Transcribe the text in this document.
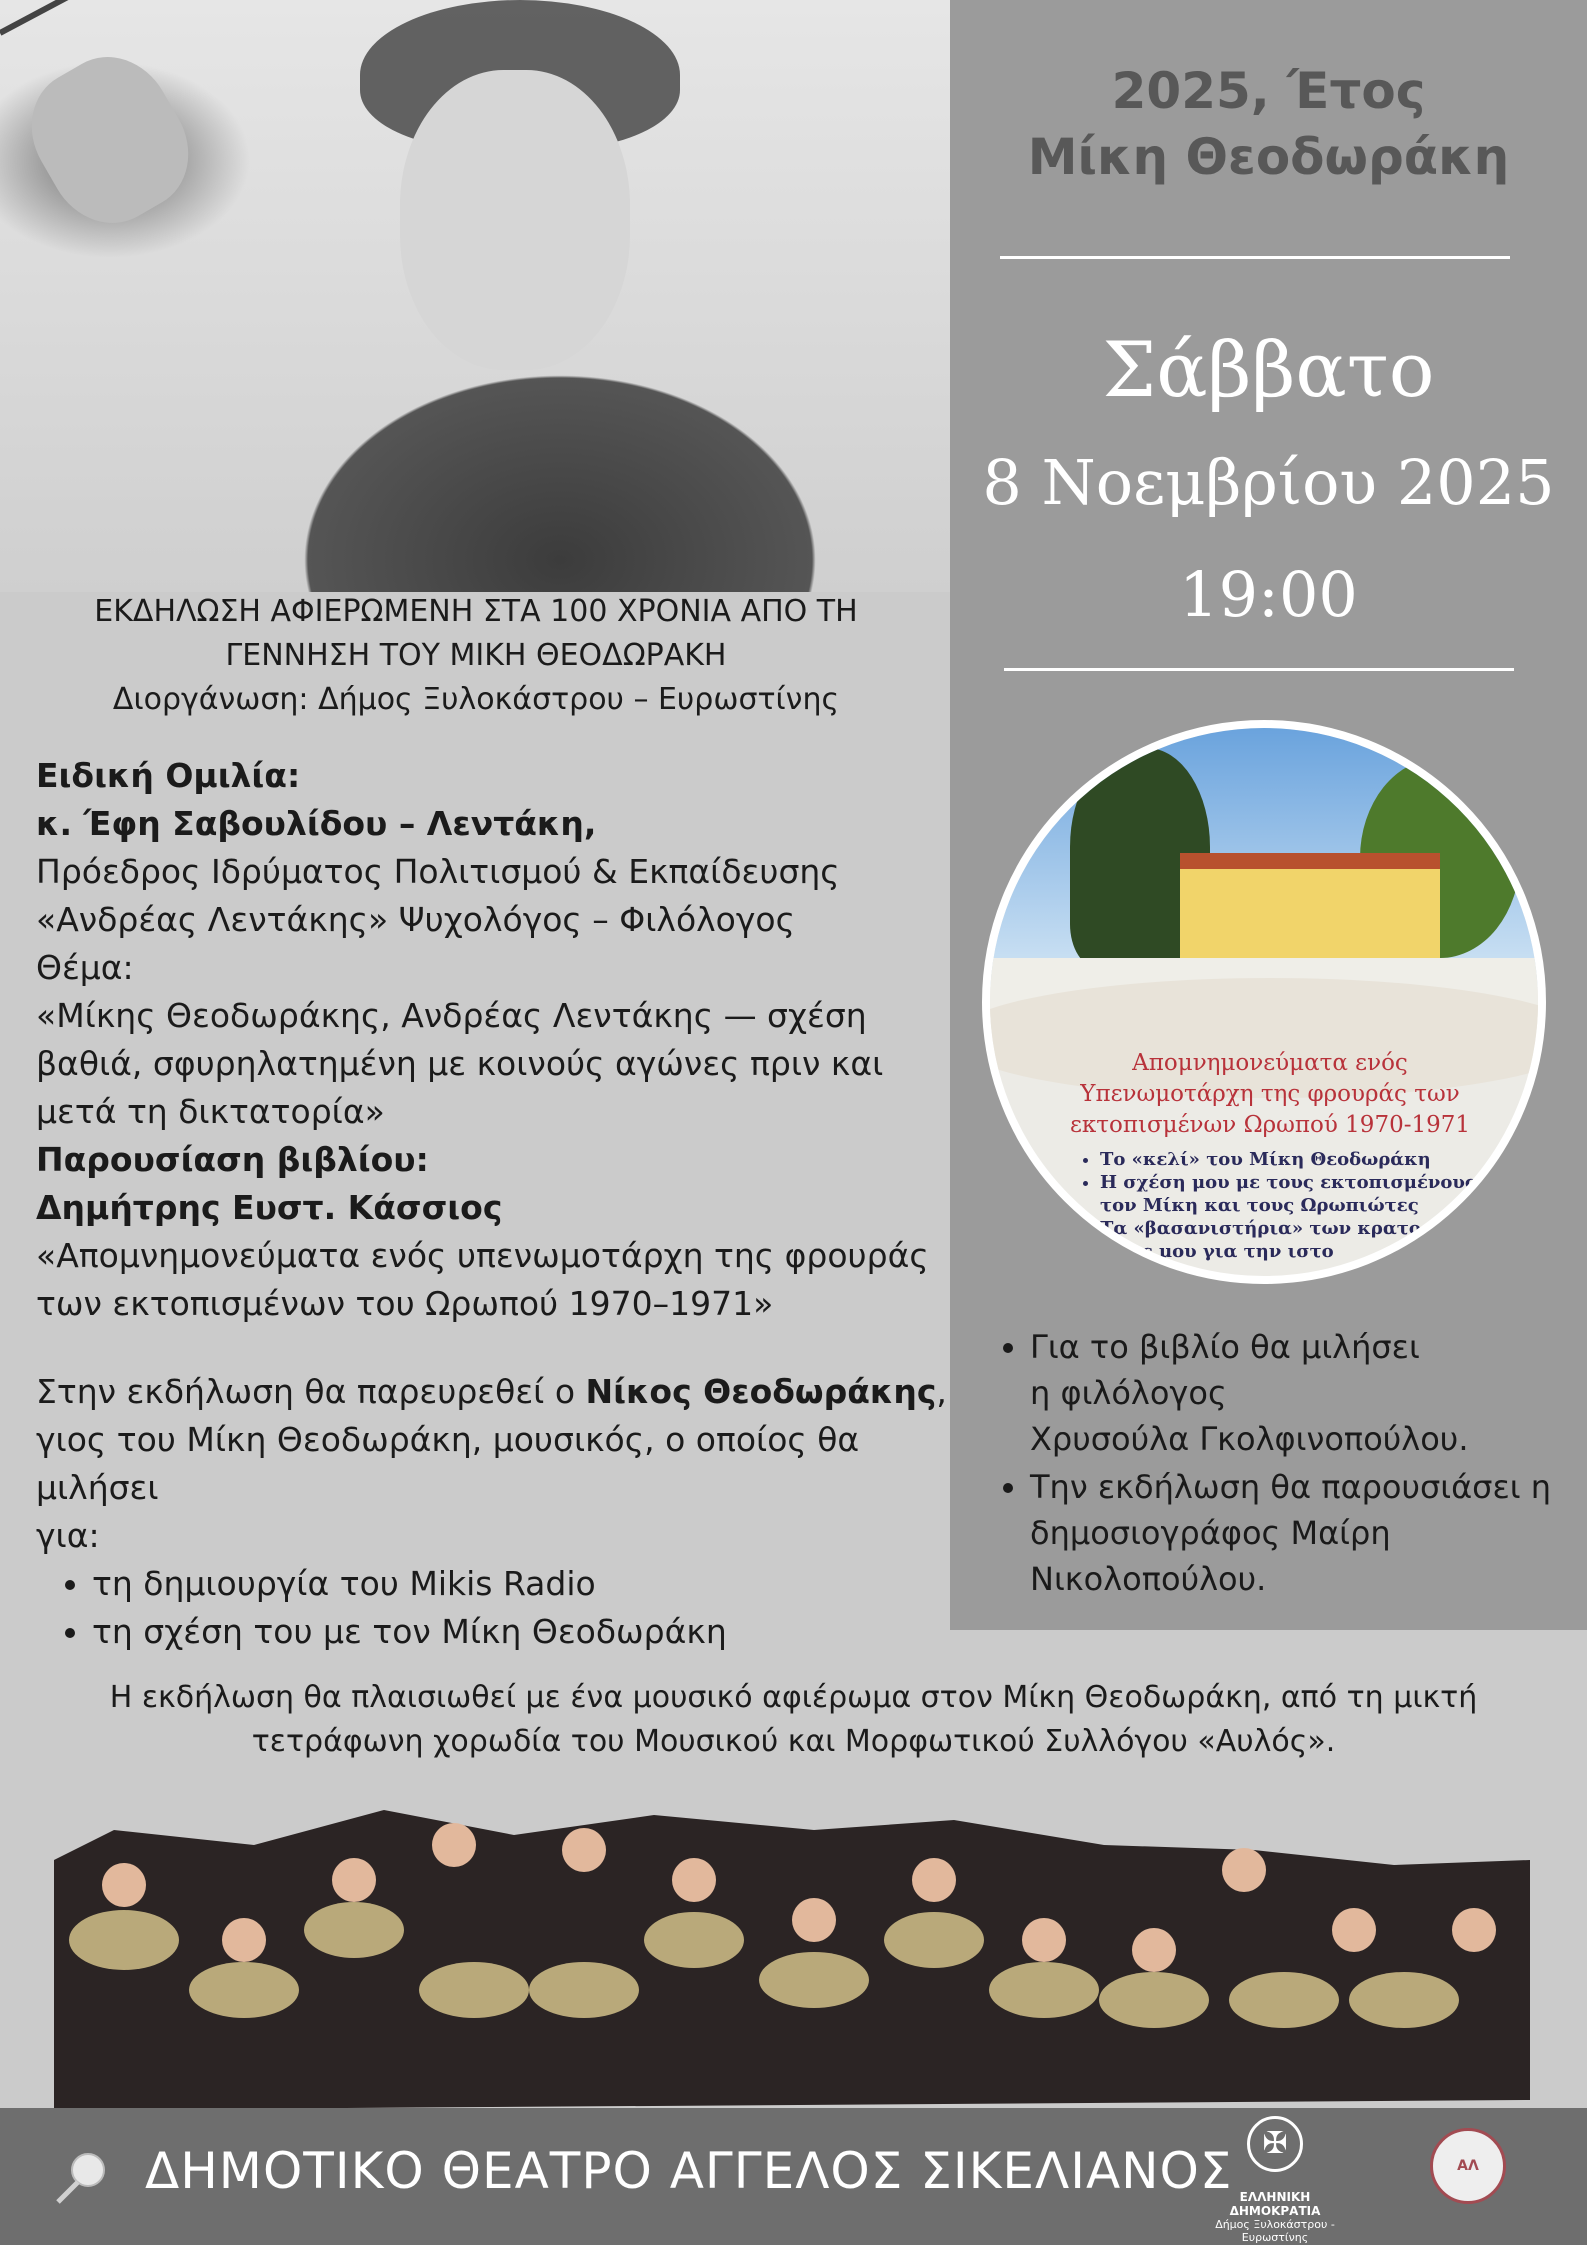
2025, Έτος
Μίκη Θεοδωράκη
Σάββατο
8 Νοεμβρίου 2025
19:00
Απομνημονεύματα ενός
Υπενωμοτάρχη της φρουράς των
εκτοπισμένων Ωρωπού 1970-1971
• Το «κελί» του Μίκη Θεοδωράκη
• Η σχέση μου με τους εκτοπισμένους,
τον Μίκη και τους Ωρωπιώτες
Τα «βασανιστήρια» των κρατο
...όςς μου για την ιστο
• Για το βιβλίο θα μιλήσει
η φιλόλογος
Χρυσούλα Γκολφινοπούλου.
• Την εκδήλωση θα παρουσιάσει η
δημοσιογράφος Μαίρη
Νικολοπούλου.
ΕΚΔΗΛΩΣΗ ΑΦΙΕΡΩΜΕΝΗ ΣΤΑ 100 ΧΡΟΝΙΑ ΑΠΟ ΤΗ
ΓΕΝΝΗΣΗ ΤΟΥ ΜΙΚΗ ΘΕΟΔΩΡΑΚΗ
Διοργάνωση: Δήμος Ξυλοκάστρου – Ευρωστίνης
Ειδική Ομιλία:
κ. Έφη Σαβουλίδου – Λεντάκη,
Πρόεδρος Ιδρύματος Πολιτισμού & Εκπαίδευσης
«Ανδρέας Λεντάκης» Ψυχολόγος – Φιλόλογος
Θέμα:
«Μίκης Θεοδωράκης, Ανδρέας Λεντάκης — σχέση
βαθιά, σφυρηλατημένη με κοινούς αγώνες πριν και
μετά τη δικτατορία»
Παρουσίαση βιβλίου:
Δημήτρης Ευστ. Κάσσιος
«Απομνημονεύματα ενός υπενωμοτάρχη της φρουράς
των εκτοπισμένων του Ωρωπού 1970–1971»
Στην εκδήλωση θα παρευρεθεί ο Νίκος Θεοδωράκης,
γιος του Μίκη Θεοδωράκη, μουσικός, ο οποίος θα μιλήσει
για:
• τη δημιουργία του Mikis Radio
• τη σχέση του με τον Μίκη Θεοδωράκη
Η εκδήλωση θα πλαισιωθεί με ένα μουσικό αφιέρωμα στον Μίκη Θεοδωράκη, από τη μικτή
τετράφωνη χορωδία του Μουσικού και Μορφωτικού Συλλόγου «Αυλός».
ΔΗΜΟΤΙΚΟ ΘΕΑΤΡΟ ΑΓΓΕΛΟΣ ΣΙΚΕΛΙΑΝΟΣ ✠
ΕΛΛΗΝΙΚΗ ΔΗΜΟΚΡΑΤΙΑ
Δήμος Ξυλοκάστρου - Ευρωστίνης
ΑΛ
